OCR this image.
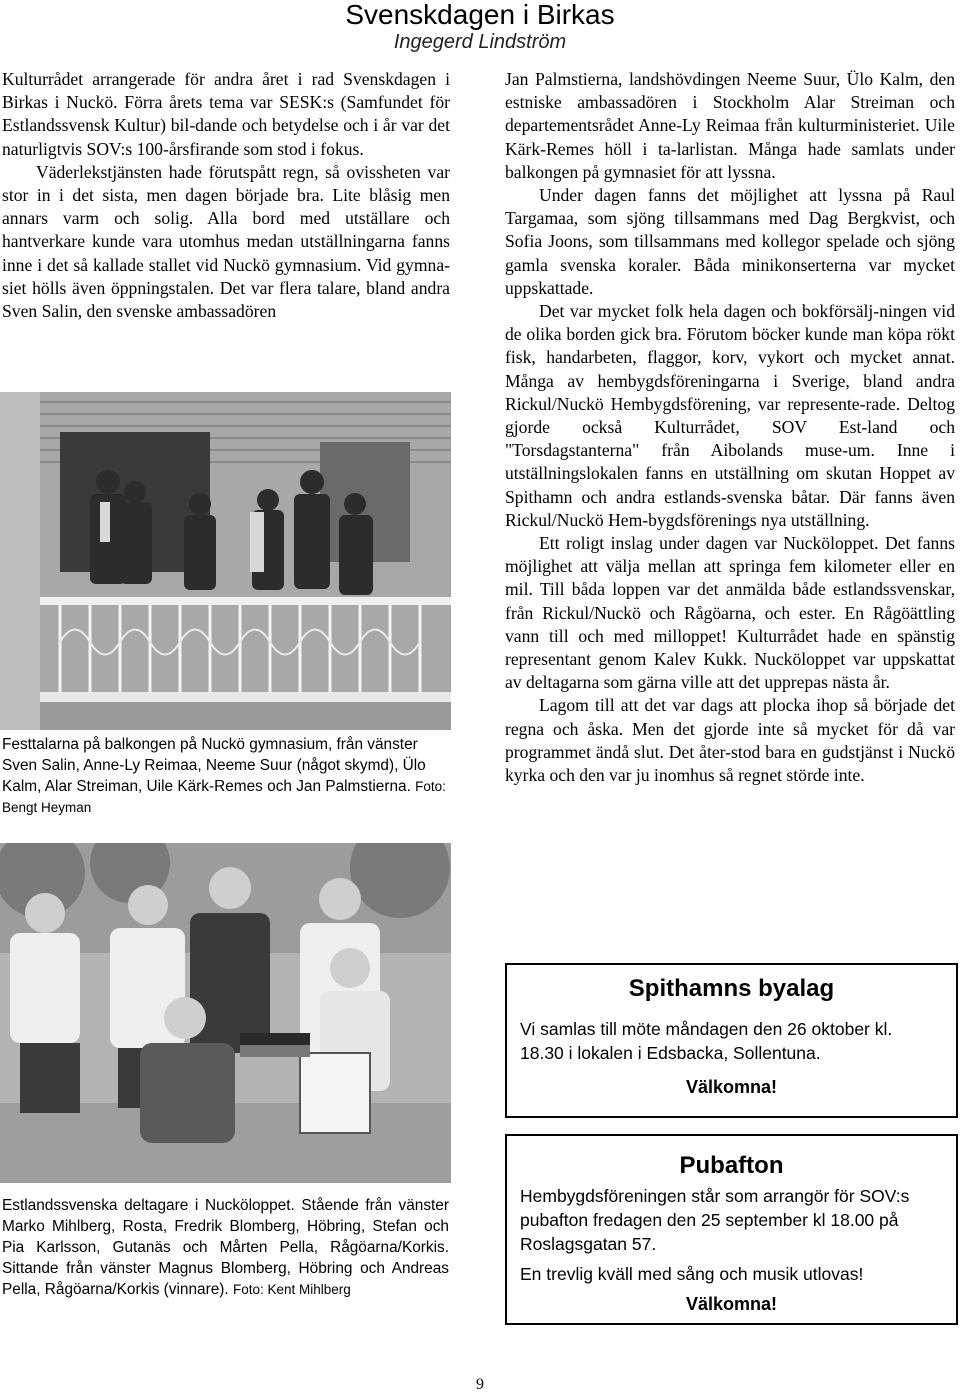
Svenskdagen i Birkas
Ingegerd Lindström

Kulturrådet arrangerade för andra året i rad Svenskdagen i Birkas i Nuckö. Förra årets tema var SESK:s (Samfundet för Estlandssvensk Kultur) bil-dande och betydelse och i år var det naturligtvis SOV:s 100-årsfirande som stod i fokus.

Väderlekstjänsten hade förutspått regn, så ovissheten var stor in i det sista, men dagen började bra. Lite blåsig men annars varm och solig. Alla bord med utställare och hantverkare kunde vara utomhus medan utställningarna fanns inne i det så kallade stallet vid Nuckö gymnasium. Vid gymna-siet hölls även öppningstalen. Det var flera talare, bland andra Sven Salin, den svenske ambassadören

Festtalarna på balkongen på Nuckö gymnasium, från vänster Sven Salin, Anne-Ly Reimaa, Neeme Suur (något skymd), Ülo Kalm, Alar Streiman, Uile Kärk-Remes och Jan Palmstierna. Foto: Bengt Heyman
Estlandssvenska deltagare i Nucköloppet. Stående från vänster Marko Mihlberg, Rosta, Fredrik Blomberg, Höbring, Stefan och Pia Karlsson, Gutanäs och Mårten Pella, Rågöarna/Korkis. Sittande från vänster Magnus Blomberg, Höbring och Andreas Pella, Rågöarna/Korkis (vinnare). Foto: Kent Mihlberg

Jan Palmstierna, landshövdingen Neeme Suur, Ülo Kalm, den estniske ambassadören i Stockholm Alar Streiman och departementsrådet Anne-Ly Reimaa från kulturministeriet. Uile Kärk-Remes höll i ta-larlistan. Många hade samlats under balkongen på gymnasiet för att lyssna.

Under dagen fanns det möjlighet att lyssna på Raul Targamaa, som sjöng tillsammans med Dag Bergkvist, och Sofia Joons, som tillsammans med kollegor spelade och sjöng gamla svenska koraler. Båda minikonserterna var mycket uppskattade.

Det var mycket folk hela dagen och bokförsälj-ningen vid de olika borden gick bra. Förutom böcker kunde man köpa rökt fisk, handarbeten, flaggor, korv, vykort och mycket annat. Många av hembygdsföreningarna i Sverige, bland andra Rickul/Nuckö Hembygdsförening, var represente-rade. Deltog gjorde också Kulturrådet, SOV Est-land och "Torsdagstanterna" från Aibolands muse-um. Inne i utställningslokalen fanns en utställning om skutan Hoppet av Spithamn och andra estlands-svenska båtar. Där fanns även Rickul/Nuckö Hem-bygdsförenings nya utställning.

Ett roligt inslag under dagen var Nucköloppet. Det fanns möjlighet att välja mellan att springa fem kilometer eller en mil. Till båda loppen var det anmälda både estlandssvenskar, från Rickul/Nuckö och Rågöarna, och ester. En Rågöättling vann till och med milloppet! Kulturrådet hade en spänstig representant genom Kalev Kukk. Nucköloppet var uppskattat av deltagarna som gärna ville att det upprepas nästa år.

Lagom till att det var dags att plocka ihop så började det regna och åska. Men det gjorde inte så mycket för då var programmet ändå slut. Det åter-stod bara en gudstjänst i Nuckö kyrka och den var ju inomhus så regnet störde inte.

Spithamns byalag
Vi samlas till möte måndagen den 26 oktober kl. 18.30 i lokalen i Edsbacka, Sollentuna.
Välkomna!
Pubafton
Hembygdsföreningen står som arrangör för SOV:s pubafton fredagen den 25 september kl 18.00 på Roslagsgatan 57.
En trevlig kväll med sång och musik utlovas!
Välkomna!
9
